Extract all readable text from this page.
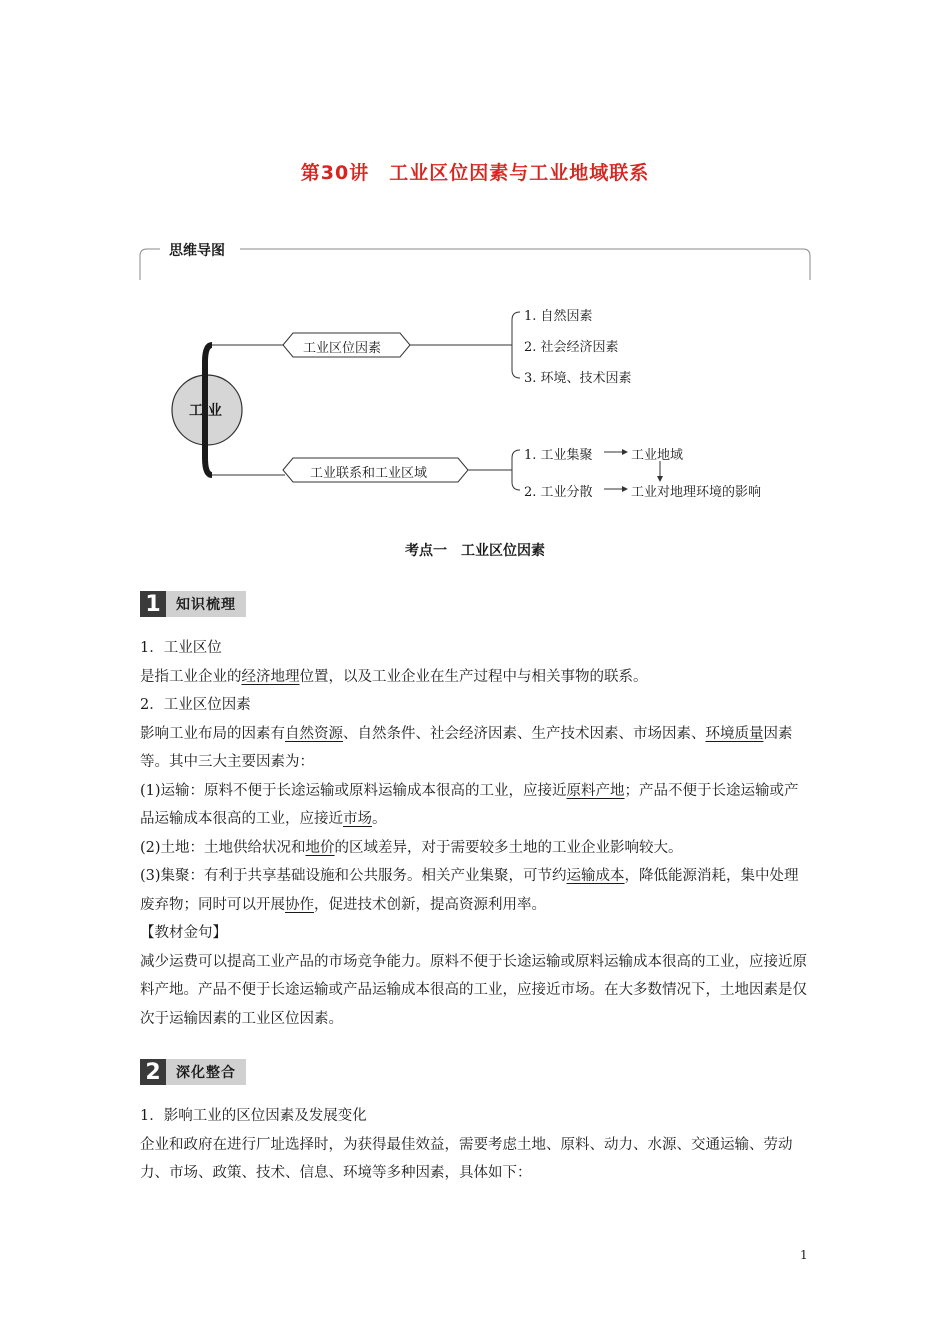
第30讲　工业区位因素与工业地域联系
思维导图
工 业
工业区位因素
1. 自然因素
2. 社会经济因素
3. 环境、技术因素
工业联系和工业区域
1. 工业集聚	工业地域
2. 工业分散	工业对地理环境的影响
考点一　工业区位因素
1	知识梳理

1．工业区位

是指工业企业的经济地理位置，以及工业企业在生产过程中与相关事物的联系。

2．工业区位因素

影响工业布局的因素有自然资源、自然条件、社会经济因素、生产技术因素、市场因素、环境质量因素等。其中三大主要因素为：

(1)运输：原料不便于长途运输或原料运输成本很高的工业，应接近原料产地；产品不便于长途运输或产品运输成本很高的工业，应接近市场。

(2)土地：土地供给状况和地价的区域差异，对于需要较多土地的工业企业影响较大。

(3)集聚：有利于共享基础设施和公共服务。相关产业集聚，可节约运输成本，降低能源消耗，集中处理废弃物；同时可以开展协作，促进技术创新，提高资源利用率。

【教材金句】

减少运费可以提高工业产品的市场竞争能力。原料不便于长途运输或原料运输成本很高的工业，应接近原料产地。产品不便于长途运输或产品运输成本很高的工业，应接近市场。在大多数情况下，土地因素是仅次于运输因素的工业区位因素。

2	深化整合

1．影响工业的区位因素及发展变化

企业和政府在进行厂址选择时，为获得最佳效益，需要考虑土地、原料、动力、水源、交通运输、劳动力、市场、政策、技术、信息、环境等多种因素，具体如下：

1
